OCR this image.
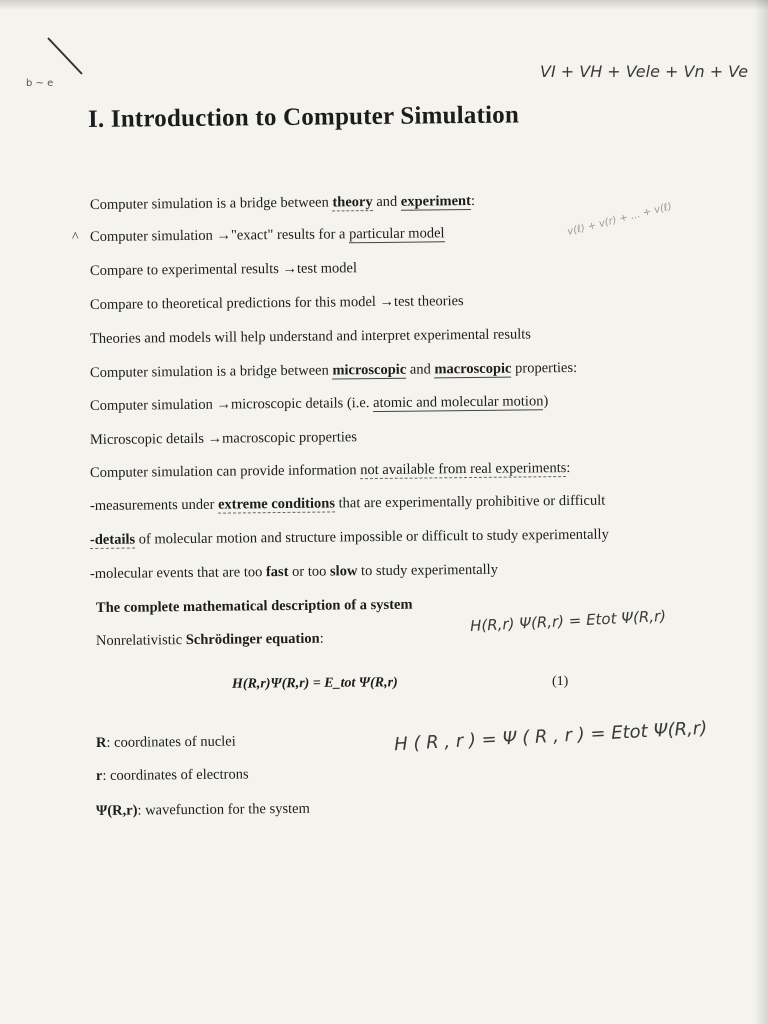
b ~ e
VI + VH + Vele + Vn + Ve
I. Introduction to Computer Simulation
Computer simulation is a bridge between theory and experiment:
^ Computer simulation →"exact" results for a particular model	v(ℓ) + v(r) + ... + v(ℓ)
Compare to experimental results →test model
Compare to theoretical predictions for this model →test theories
Theories and models will help understand and interpret experimental results
Computer simulation is a bridge between microscopic and macroscopic properties:
Computer simulation →microscopic details (i.e. atomic and molecular motion)
Microscopic details →macroscopic properties
Computer simulation can provide information not available from real experiments:
-measurements under extreme conditions that are experimentally prohibitive or difficult
-details of molecular motion and structure impossible or difficult to study experimentally
-molecular events that are too fast or too slow to study experimentally
The complete mathematical description of a system
Nonrelativistic Schrödinger equation:
H(R,r) Ψ(R,r) = Etot Ψ(R,r)
H(R,r)Ψ(R,r) = E_tot Ψ(R,r)	(1)
R: coordinates of nuclei
r: coordinates of electrons
Ψ(R,r): wavefunction for the system
H ( R , r ) = Ψ ( R , r ) = Etot Ψ(R,r)
